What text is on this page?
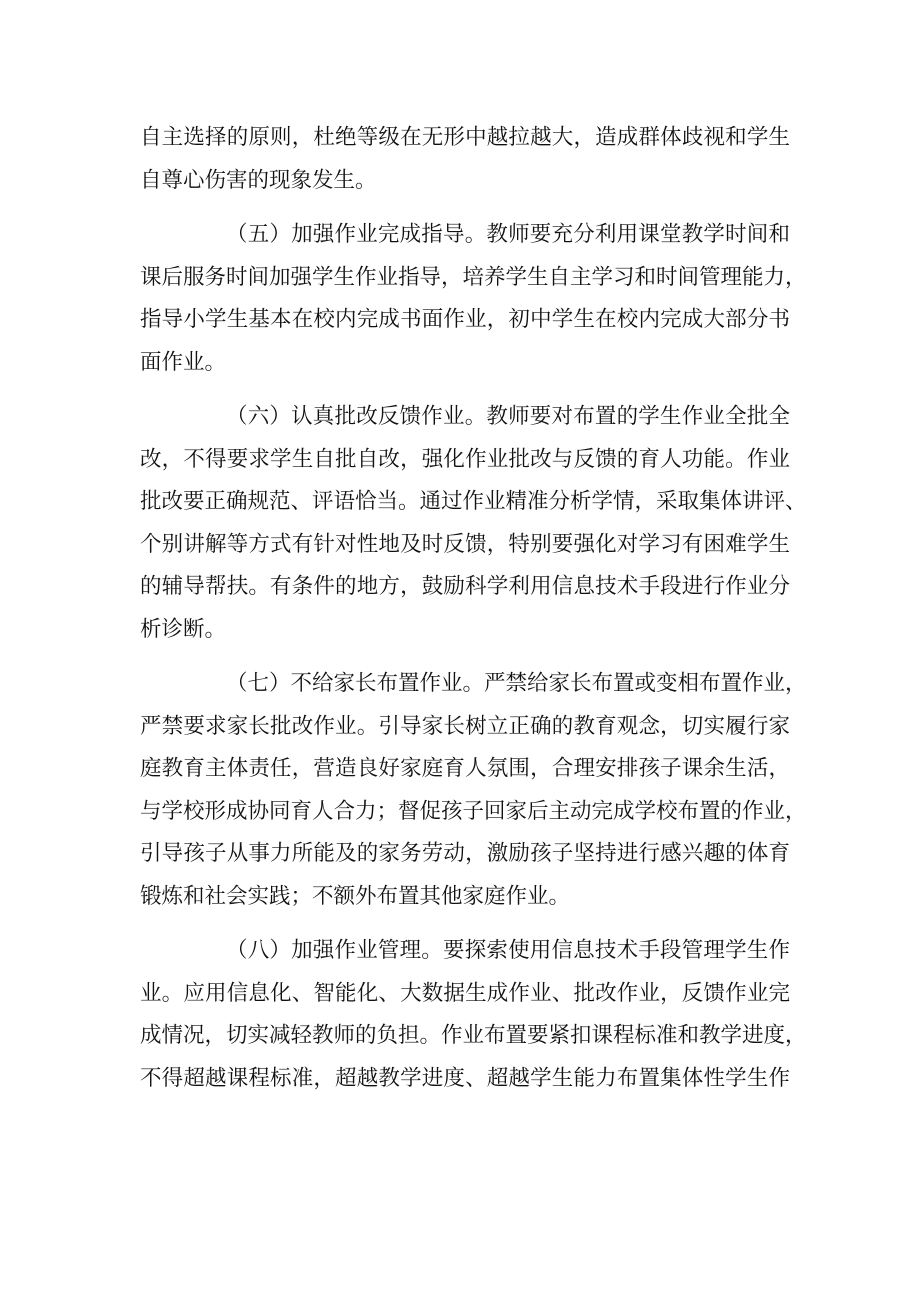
自主选择的原则，杜绝等级在无形中越拉越大，造成群体歧视和学生
自尊心伤害的现象发生。
（五）加强作业完成指导。教师要充分利用课堂教学时间和
课后服务时间加强学生作业指导，培养学生自主学习和时间管理能力，
指导小学生基本在校内完成书面作业，初中学生在校内完成大部分书
面作业。
（六）认真批改反馈作业。教师要对布置的学生作业全批全
改，不得要求学生自批自改，强化作业批改与反馈的育人功能。作业
批改要正确规范、评语恰当。通过作业精准分析学情，采取集体讲评、
个别讲解等方式有针对性地及时反馈，特别要强化对学习有困难学生
的辅导帮扶。有条件的地方，鼓励科学利用信息技术手段进行作业分
析诊断。
（七）不给家长布置作业。严禁给家长布置或变相布置作业，
严禁要求家长批改作业。引导家长树立正确的教育观念，切实履行家
庭教育主体责任，营造良好家庭育人氛围，合理安排孩子课余生活，
与学校形成协同育人合力；督促孩子回家后主动完成学校布置的作业，
引导孩子从事力所能及的家务劳动，激励孩子坚持进行感兴趣的体育
锻炼和社会实践；不额外布置其他家庭作业。
（八）加强作业管理。要探索使用信息技术手段管理学生作
业。应用信息化、智能化、大数据生成作业、批改作业，反馈作业完
成情况，切实减轻教师的负担。作业布置要紧扣课程标准和教学进度，
不得超越课程标准，超越教学进度、超越学生能力布置集体性学生作
